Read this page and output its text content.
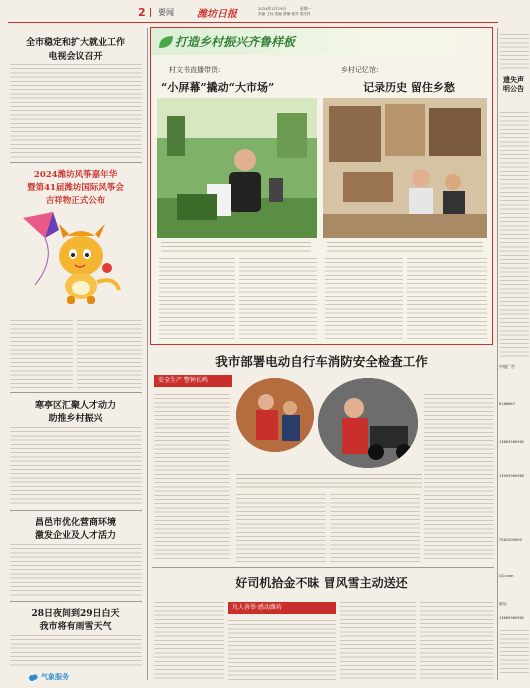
2 要闻 潍坊日报
2024年2月19日	星期一
责编 王伟 美编 萧楠 校对 梁彦祥
全市稳定和扩大就业工作
电视会议召开
2024潍坊风筝嘉年华
暨第41届潍坊国际风筝会
吉祥物正式公布
寒亭区汇聚人才动力
助推乡村振兴
昌邑市优化营商环境
激发企业及人才活力
28日夜间到29日白天
我市将有雨雪天气
气象服务
打造乡村振兴齐鲁样板
村文书直播带货:
“小屏幕”撬动“大市场”
乡村记忆馆:
记录历史 留住乡愁
我市部署电动自行车消防安全检查工作
安全生产 警钟长鸣
好司机拾金不昧 冒风雪主动送还
凡人善举·感动潍坊
遗失声明公告
中缝广告
8186667
13863580962
13905360980
7581009900
QQ.com
微信:
13869360962
